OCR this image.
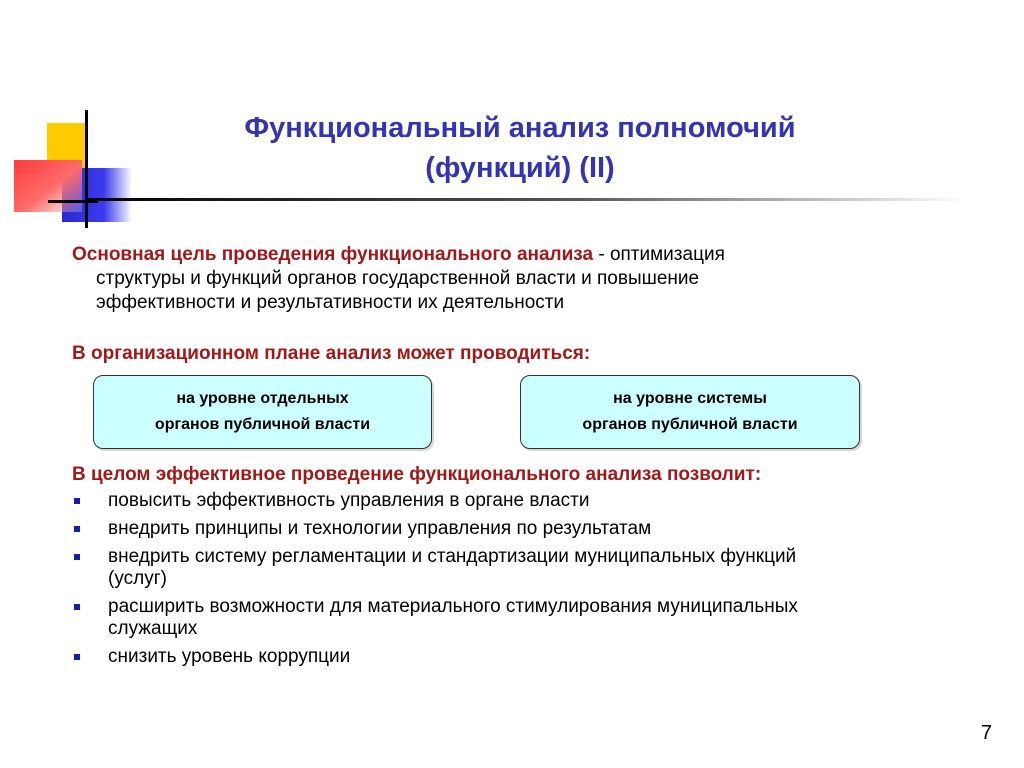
Функциональный анализ полномочий
(функций) (II)
Основная цель проведения функционального анализа - оптимизация
структуры и функций органов государственной власти и повышение
эффективности и результативности их деятельности
В организационном плане анализ может проводиться:
на уровне отдельных
органов публичной власти
на уровне системы
органов публичной власти
В целом эффективное проведение функционального анализа позволит:
повысить эффективность управления в органе власти
внедрить принципы и технологии управления по результатам
внедрить систему регламентации и стандартизации муниципальных функций
(услуг)
расширить возможности для материального стимулирования муниципальных
служащих
снизить уровень коррупции
7
